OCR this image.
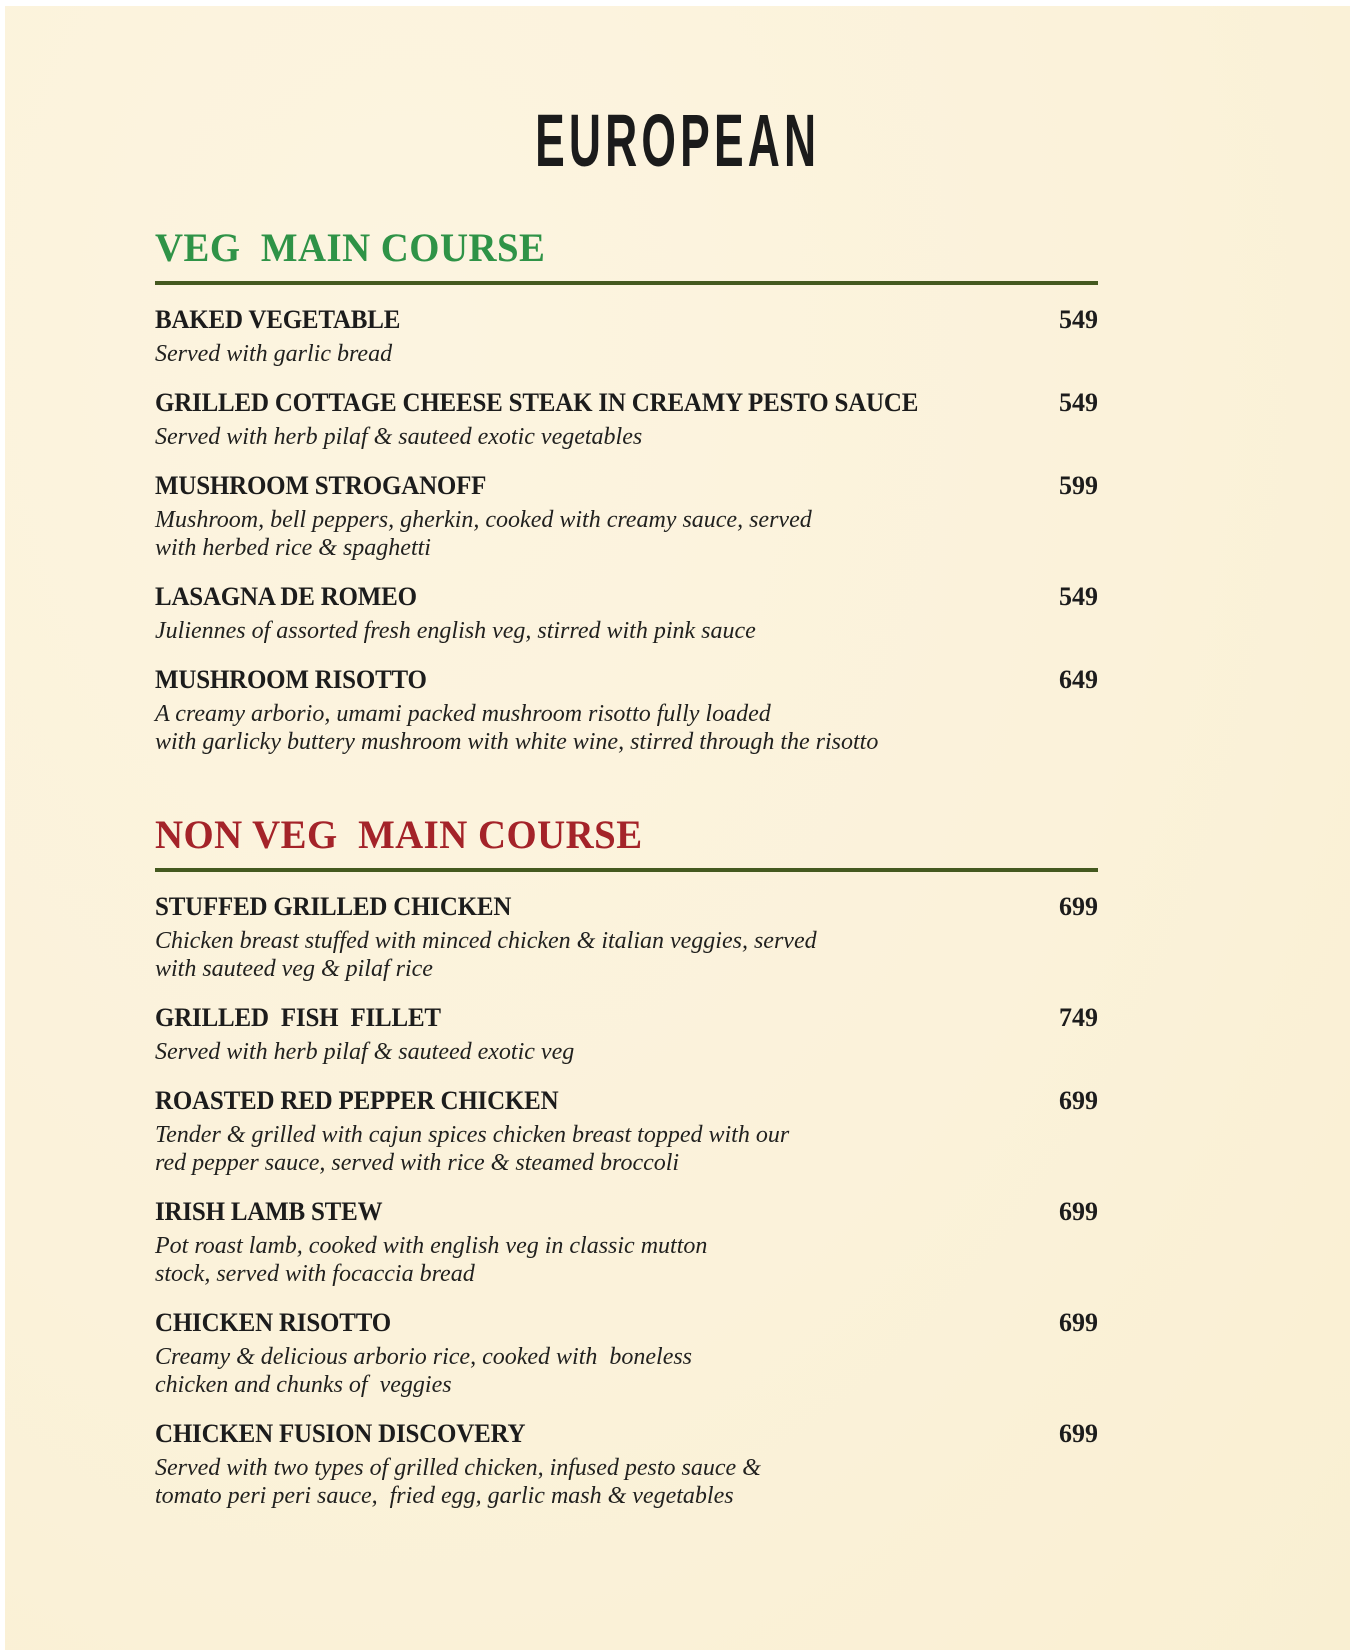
EUROPEAN
VEG  MAIN COURSE
BAKED VEGETABLE	549
Served with garlic bread
GRILLED COTTAGE CHEESE STEAK IN CREAMY PESTO SAUCE	549
Served with herb pilaf & sauteed exotic vegetables
MUSHROOM STROGANOFF	599
Mushroom, bell peppers, gherkin, cooked with creamy sauce, served
with herbed rice & spaghetti
LASAGNA DE ROMEO	549
Juliennes of assorted fresh english veg, stirred with pink sauce
MUSHROOM RISOTTO	649
A creamy arborio, umami packed mushroom risotto fully loaded
with garlicky buttery mushroom with white wine, stirred through the risotto
NON VEG  MAIN COURSE
STUFFED GRILLED CHICKEN	699
Chicken breast stuffed with minced chicken & italian veggies, served
with sauteed veg & pilaf rice
GRILLED  FISH  FILLET	749
Served with herb pilaf & sauteed exotic veg
ROASTED RED PEPPER CHICKEN	699
Tender & grilled with cajun spices chicken breast topped with our
red pepper sauce, served with rice & steamed broccoli
IRISH LAMB STEW	699
Pot roast lamb, cooked with english veg in classic mutton
stock, served with focaccia bread
CHICKEN RISOTTO	699
Creamy & delicious arborio rice, cooked with  boneless
chicken and chunks of  veggies
CHICKEN FUSION DISCOVERY	699
Served with two types of grilled chicken, infused pesto sauce &
tomato peri peri sauce,  fried egg, garlic mash & vegetables
